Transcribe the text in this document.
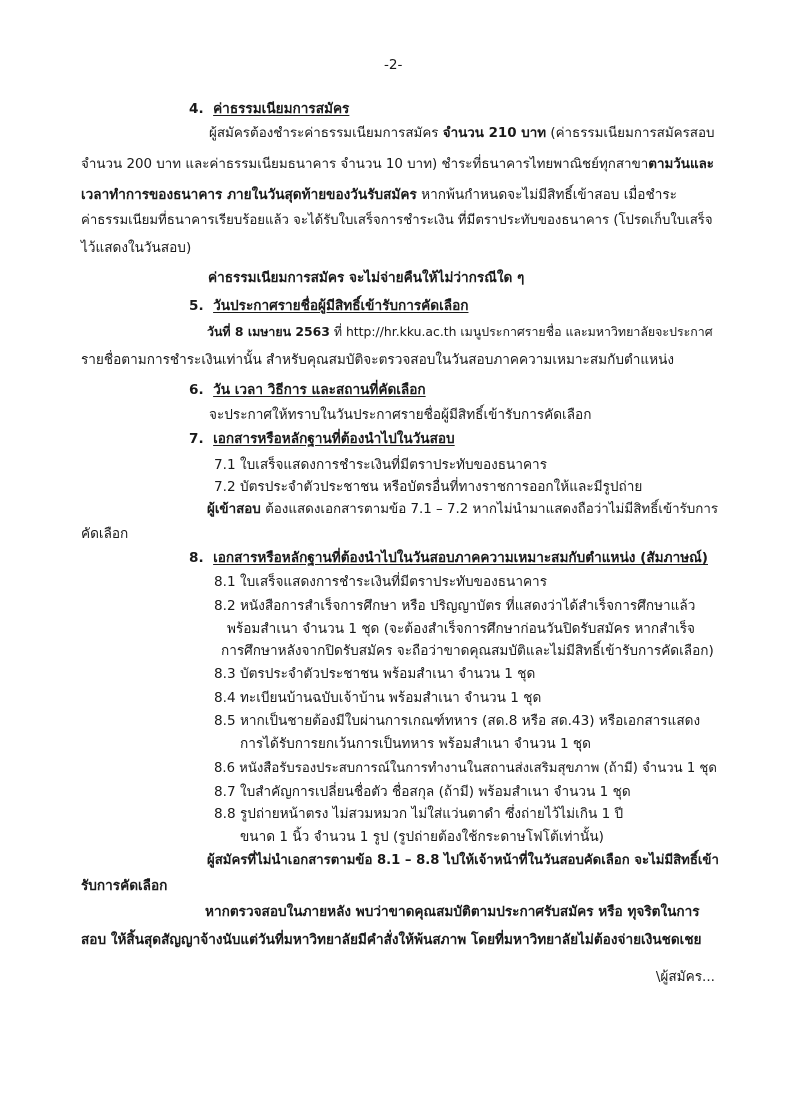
-2-
4. ค่าธรรมเนียมการสมัคร
ผู้สมัครต้องชำระค่าธรรมเนียมการสมัคร จำนวน 210 บาท (ค่าธรรมเนียมการสมัครสอบ
จำนวน 200 บาท และค่าธรรมเนียมธนาคาร จำนวน 10 บาท) ชำระที่ธนาคารไทยพาณิชย์ทุกสาขาตามวันและ
เวลาทำการของธนาคาร ภายในวันสุดท้ายของวันรับสมัคร หากพ้นกำหนดจะไม่มีสิทธิ์เข้าสอบ เมื่อชำระ
ค่าธรรมเนียมที่ธนาคารเรียบร้อยแล้ว จะได้รับใบเสร็จการชำระเงิน ที่มีตราประทับของธนาคาร (โปรดเก็บใบเสร็จ
ไว้แสดงในวันสอบ)
ค่าธรรมเนียมการสมัคร จะไม่จ่ายคืนให้ไม่ว่ากรณีใด ๆ
5. วันประกาศรายชื่อผู้มีสิทธิ์เข้ารับการคัดเลือก
วันที่ 8 เมษายน 2563 ที่ http://hr.kku.ac.th เมนูประกาศรายชื่อ และมหาวิทยาลัยจะประกาศ
รายชื่อตามการชำระเงินเท่านั้น สำหรับคุณสมบัติจะตรวจสอบในวันสอบภาคความเหมาะสมกับตำแหน่ง
6. วัน เวลา วิธีการ และสถานที่คัดเลือก
จะประกาศให้ทราบในวันประกาศรายชื่อผู้มีสิทธิ์เข้ารับการคัดเลือก
7. เอกสารหรือหลักฐานที่ต้องนำไปในวันสอบ
7.1 ใบเสร็จแสดงการชำระเงินที่มีตราประทับของธนาคาร
7.2 บัตรประจำตัวประชาชน หรือบัตรอื่นที่ทางราชการออกให้และมีรูปถ่าย
ผู้เข้าสอบ ต้องแสดงเอกสารตามข้อ 7.1 – 7.2 หากไม่นำมาแสดงถือว่าไม่มีสิทธิ์เข้ารับการ
คัดเลือก
8. เอกสารหรือหลักฐานที่ต้องนำไปในวันสอบภาคความเหมาะสมกับตำแหน่ง (สัมภาษณ์)
8.1 ใบเสร็จแสดงการชำระเงินที่มีตราประทับของธนาคาร
8.2 หนังสือการสำเร็จการศึกษา หรือ ปริญญาบัตร ที่แสดงว่าได้สำเร็จการศึกษาแล้ว
พร้อมสำเนา จำนวน 1 ชุด (จะต้องสำเร็จการศึกษาก่อนวันปิดรับสมัคร หากสำเร็จ
การศึกษาหลังจากปิดรับสมัคร จะถือว่าขาดคุณสมบัติและไม่มีสิทธิ์เข้ารับการคัดเลือก)
8.3 บัตรประจำตัวประชาชน พร้อมสำเนา จำนวน 1 ชุด
8.4 ทะเบียนบ้านฉบับเจ้าบ้าน พร้อมสำเนา จำนวน 1 ชุด
8.5 หากเป็นชายต้องมีใบผ่านการเกณฑ์ทหาร (สด.8 หรือ สด.43) หรือเอกสารแสดง
การได้รับการยกเว้นการเป็นทหาร พร้อมสำเนา จำนวน 1 ชุด
8.6 หนังสือรับรองประสบการณ์ในการทำงานในสถานส่งเสริมสุขภาพ (ถ้ามี) จำนวน 1 ชุด
8.7 ใบสำคัญการเปลี่ยนชื่อตัว ชื่อสกุล (ถ้ามี) พร้อมสำเนา จำนวน 1 ชุด
8.8 รูปถ่ายหน้าตรง ไม่สวมหมวก ไม่ใส่แว่นตาดำ ซึ่งถ่ายไว้ไม่เกิน 1 ปี
ขนาด 1 นิ้ว จำนวน 1 รูป (รูปถ่ายต้องใช้กระดาษโฟโต้เท่านั้น)
ผู้สมัครที่ไม่นำเอกสารตามข้อ 8.1 – 8.8 ไปให้เจ้าหน้าที่ในวันสอบคัดเลือก จะไม่มีสิทธิ์เข้า
รับการคัดเลือก
หากตรวจสอบในภายหลัง พบว่าขาดคุณสมบัติตามประกาศรับสมัคร หรือ ทุจริตในการ
สอบ ให้สิ้นสุดสัญญาจ้างนับแต่วันที่มหาวิทยาลัยมีคำสั่งให้พ้นสภาพ โดยที่มหาวิทยาลัยไม่ต้องจ่ายเงินชดเชย
\ผู้สมัคร...
